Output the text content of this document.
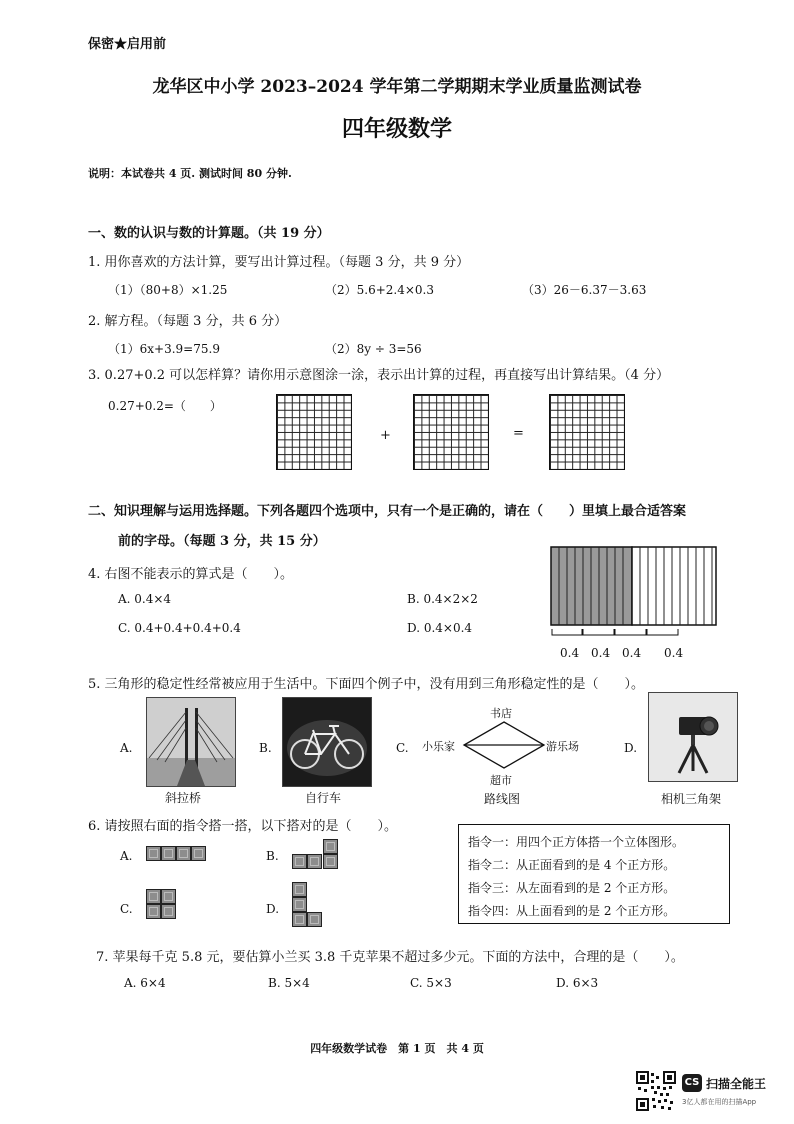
保密★启用前
龙华区中小学 2023–2024 学年第二学期期末学业质量监测试卷
四年级数学
说明：本试卷共 4 页. 测试时间 80 分钟.
一、数的认识与数的计算题。（共 19 分）
1. 用你喜欢的方法计算，要写出计算过程。（每题 3 分，共 9 分）
（1）（80+8）×1.25	（2）5.6+2.4×0.3	（3）26－6.37－3.63
2. 解方程。（每题 3 分，共 6 分）
（1）6x+3.9=75.9	（2）8y ÷ 3=56
3. 0.27+0.2 可以怎样算？请你用示意图涂一涂，表示出计算的过程，再直接写出计算结果。（4 分）
0.27+0.2=（　　）
+	=
二、知识理解与运用选择题。下列各题四个选项中，只有一个是正确的，请在（　　）里填上最合适答案
前的字母。（每题 3 分，共 15 分）
4. 右图不能表示的算式是（　　）。
A. 0.4×4	B. 0.4×2×2
C. 0.4+0.4+0.4+0.4	D. 0.4×0.4
0.4 0.4 0.4 0.4
5. 三角形的稳定性经常被应用于生活中。下面四个例子中，没有用到三角形稳定性的是（　　）。
A.
斜拉桥
B.
自行车
C.
书店
小乐家	游乐场
超市
路线图
D.
相机三角架
6. 请按照右面的指令搭一搭，以下搭对的是（　　）。
A.	B.
C.	D.
指令一：用四个正方体搭一个立体图形。
指令二：从正面看到的是 4 个正方形。
指令三：从左面看到的是 2 个正方形。
指令四：从上面看到的是 2 个正方形。
7. 苹果每千克 5.8 元，要估算小兰买 3.8 千克苹果不超过多少元。下面的方法中，合理的是（　　）。
A. 6×4	B. 5×4	C. 5×3	D. 6×3
四年级数学试卷　第 1 页　共 4 页
CS 扫描全能王
3亿人都在用的扫描App
